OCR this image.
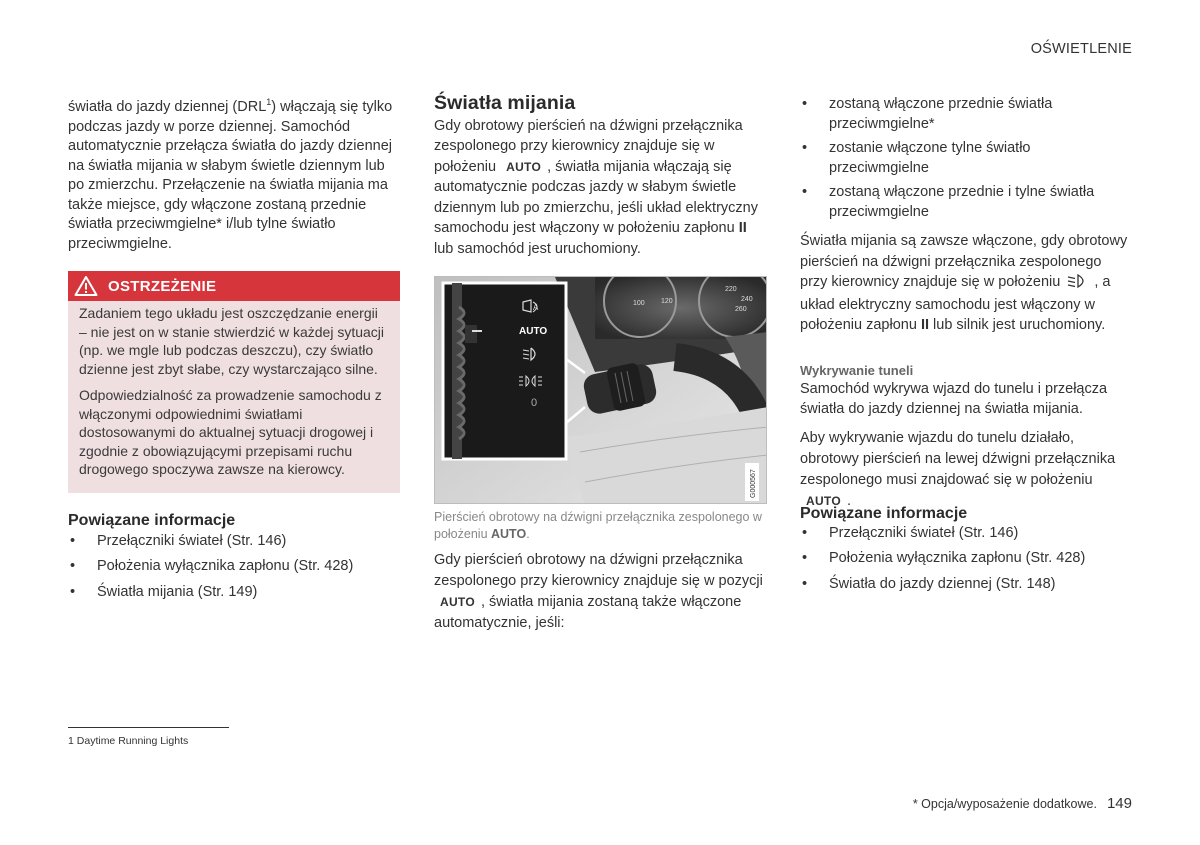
OŚWIETLENIE

światła do jazdy dziennej (DRL$^1$) włączają się tylko podczas jazdy w porze dziennej. Samochód automatycznie przełącza światła do jazdy dziennej na światła mijania w słabym świetle dziennym lub po zmierzchu. Przełączenie na światła mijania ma także miejsce, gdy włączone zostaną przednie światła przeciwmgielne* i/lub tylne światło przeciwmgielne.

OSTRZEŻENIE

Zadaniem tego układu jest oszczędzanie energii – nie jest on w stanie stwierdzić w każdej sytuacji (np. we mgle lub podczas deszczu), czy światło dzienne jest zbyt słabe, czy wystarczająco silne.

Odpowiedzialność za prowadzenie samochodu z włączonymi odpowiednimi światłami dostosowanymi do aktualnej sytuacji drogowej i zgodnie z obowiązującymi przepisami ruchu drogowego spoczywa zawsze na kierowcy.

Powiązane informacje
• Przełączniki świateł (Str. 146)
• Położenia wyłącznika zapłonu (Str. 428)
• Światła mijania (Str. 149)
Światła mijania

Gdy obrotowy pierścień na dźwigni przełącznika zespolonego przy kierownicy znajduje się w położeniu AUTO , światła mijania włączają się automatycznie podczas jazdy w słabym świetle dziennym lub po zmierzchu, jeśli układ elektryczny samochodu jest włączony w położeniu zapłonu II lub samochód jest uruchomiony.

100
220
240
260
120
A
AUTO
0
G000567
Pierścień obrotowy na dźwigni przełącznika zespolonego w położeniu AUTO.

Gdy pierścień obrotowy na dźwigni przełącznika zespolonego przy kierownicy znajduje się w pozycji AUTO , światła mijania zostaną także włączone automatycznie, jeśli:

• zostaną włączone przednie światła przeciwmgielne*
• zostanie włączone tylne światło przeciwmgielne
• zostaną włączone przednie i tylne światła przeciwmgielne

Światła mijania są zawsze włączone, gdy obrotowy pierścień na dźwigni przełącznika zespolonego przy kierownicy znajduje się w położeniu , a układ elektryczny samochodu jest włączony w położeniu zapłonu II lub silnik jest uruchomiony.

Wykrywanie tuneli

Samochód wykrywa wjazd do tunelu i przełącza światła do jazdy dziennej na światła mijania.

Aby wykrywanie wjazdu do tunelu działało, obrotowy pierścień na lewej dźwigni przełącznika zespolonego musi znajdować się w położeniu AUTO .

Powiązane informacje
• Przełączniki świateł (Str. 146)
• Położenia wyłącznika zapłonu (Str. 428)
• Światła do jazdy dziennej (Str. 148)
1 Daytime Running Lights
* Opcja/wyposażenie dodatkowe. 149
